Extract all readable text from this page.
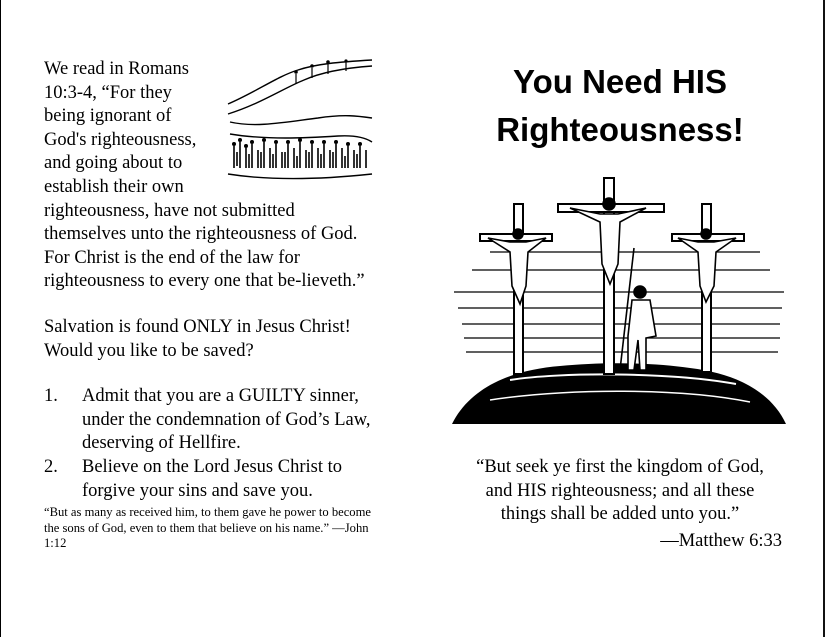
We read in Romans
10:3-4, “For they
being ignorant of
God's righteousness,
and going about to
establish their own
righteousness, have not submitted themselves unto the righteousness of God. For Christ is the end of the law for righteousness to every one that be-lieveth.”
Salvation is found ONLY in Jesus Christ! Would you like to be saved?
1. Admit that you are a GUILTY sinner, under the condemnation of God’s Law, deserving of Hellfire.
2. Believe on the Lord Jesus Christ to forgive your sins and save you.
“But as many as received him, to them gave he power to become the sons of God, even to them that believe on his name.” —John 1:12
You Need HIS
Righteousness!
“But seek ye first the kingdom of God,
and HIS righteousness; and all these
things shall be added unto you.”
—Matthew 6:33
